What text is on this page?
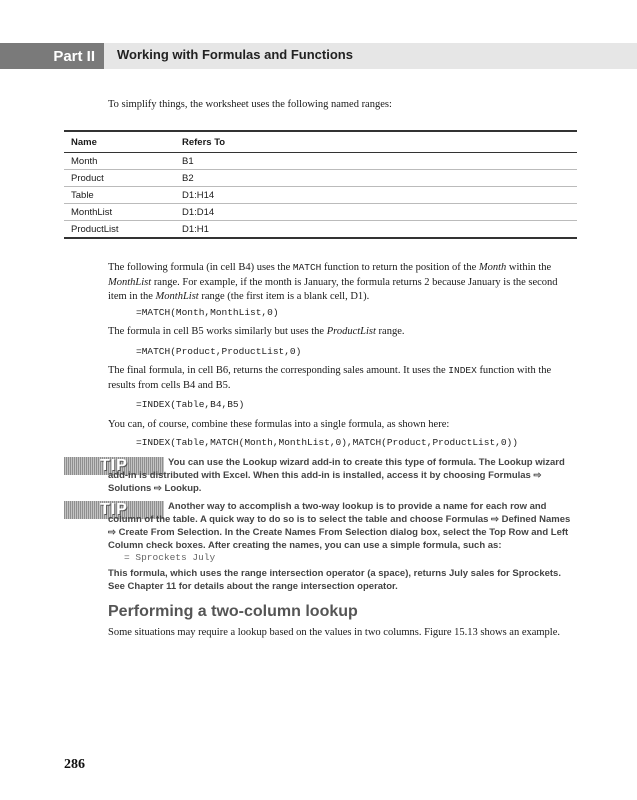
Part II	Working with Formulas and Functions
To simplify things, the worksheet uses the following named ranges:
Name	Refers To
Month	B1
Product	B2
Table	D1:H14
MonthList	D1:D14
ProductList	D1:H1
The following formula (in cell B4) uses the MATCH function to return the position of the Month within the MonthList range. For example, if the month is January, the formula returns 2 because January is the second item in the MonthList range (the first item is a blank cell, D1).
=MATCH(Month,MonthList,0)
The formula in cell B5 works similarly but uses the ProductList range.
=MATCH(Product,ProductList,0)
The final formula, in cell B6, returns the corresponding sales amount. It uses the INDEX function with the results from cells B4 and B5.
=INDEX(Table,B4,B5)
You can, of course, combine these formulas into a single formula, as shown here:
=INDEX(Table,MATCH(Month,MonthList,0),MATCH(Product,ProductList,0))
TIP	You can use the Lookup wizard add-in to create this type of formula. The Lookup wizard add-in is distributed with Excel. When this add-in is installed, access it by choosing Formulas ⇨ Solutions ⇨ Lookup.
TIP	Another way to accomplish a two-way lookup is to provide a name for each row and column of the table. A quick way to do so is to select the table and choose Formulas ⇨ Defined Names ⇨ Create From Selection. In the Create Names From Selection dialog box, select the Top Row and Left Column check boxes. After creating the names, you can use a simple formula, such as:
= Sprockets July
This formula, which uses the range intersection operator (a space), returns July sales for Sprockets. See Chapter 11 for details about the range intersection operator.
Performing a two-column lookup
Some situations may require a lookup based on the values in two columns. Figure 15.13 shows an example.
286
